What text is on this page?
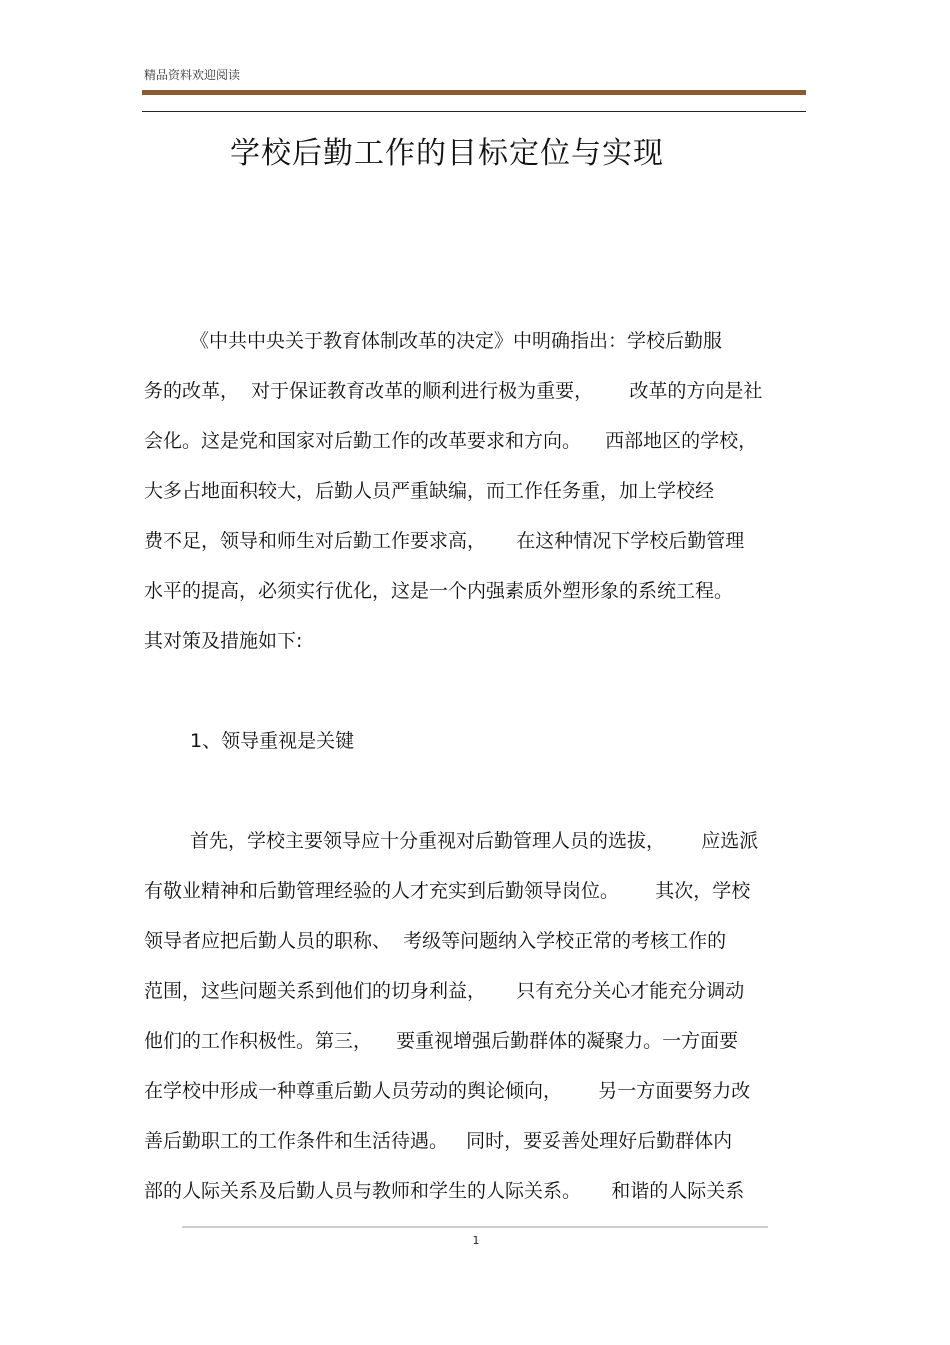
精品资料欢迎阅读
学校后勤工作的目标定位与实现
《中共中央关于教育体制改革的决定》中明确指出：学校后勤服
务的改革，  对于保证教育改革的顺利进行极为重要，      改革的方向是社
会化。这是党和国家对后勤工作的改革要求和方向。    西部地区的学校，
大多占地面积较大，后勤人员严重缺编，而工作任务重，加上学校经
费不足，领导和师生对后勤工作要求高，     在这种情况下学校后勤管理
水平的提高，必须实行优化，这是一个内强素质外塑形象的系统工程。
其对策及措施如下:
1、领导重视是关键
首先，学校主要领导应十分重视对后勤管理人员的选拔，      应选派
有敬业精神和后勤管理经验的人才充实到后勤领导岗位。      其次，学校
领导者应把后勤人员的职称、  考级等问题纳入学校正常的考核工作的
范围，这些问题关系到他们的切身利益，     只有充分关心才能充分调动
他们的工作积极性。第三，    要重视增强后勤群体的凝聚力。一方面要
在学校中形成一种尊重后勤人员劳动的舆论倾向，      另一方面要努力改
善后勤职工的工作条件和生活待遇。   同时，要妥善处理好后勤群体内
部的人际关系及后勤人员与教师和学生的人际关系。     和谐的人际关系
1
